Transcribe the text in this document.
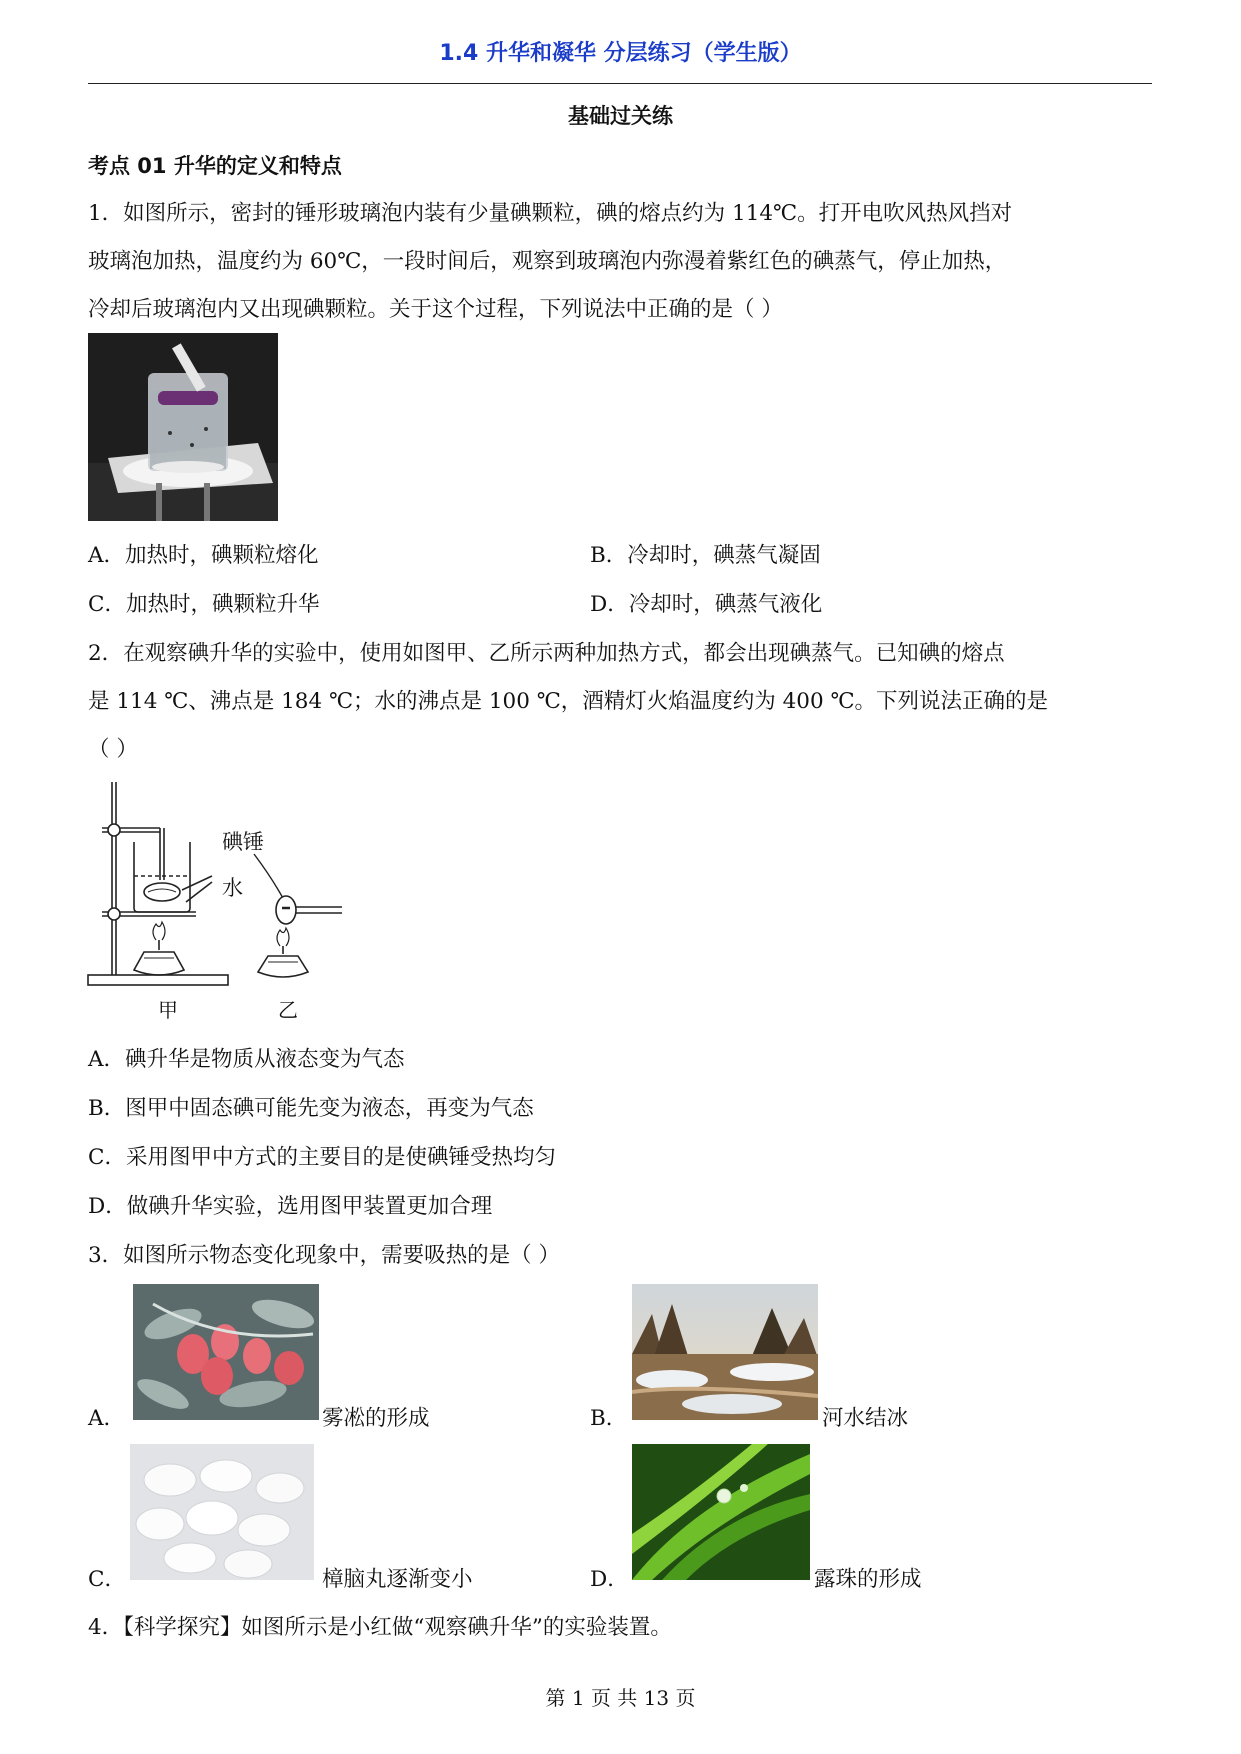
1.4 升华和凝华 分层练习（学生版）
基础过关练
考点 01 升华的定义和特点
1．如图所示，密封的锤形玻璃泡内装有少量碘颗粒，碘的熔点约为 114℃。打开电吹风热风挡对
玻璃泡加热，温度约为 60℃，一段时间后，观察到玻璃泡内弥漫着紫红色的碘蒸气，停止加热，
冷却后玻璃泡内又出现碘颗粒。关于这个过程，下列说法中正确的是（ ）
A．加热时，碘颗粒熔化	B．冷却时，碘蒸气凝固
C．加热时，碘颗粒升华	D．冷却时，碘蒸气液化
2．在观察碘升华的实验中，使用如图甲、乙所示两种加热方式，都会出现碘蒸气。已知碘的熔点
是 114 ℃、沸点是 184 ℃；水的沸点是 100 ℃，酒精灯火焰温度约为 400 ℃。下列说法正确的是
（ ）
碘锤
水
甲	乙
A．碘升华是物质从液态变为气态
B．图甲中固态碘可能先变为液态，再变为气态
C．采用图甲中方式的主要目的是使碘锤受热均匀
D．做碘升华实验，选用图甲装置更加合理
3．如图所示物态变化现象中，需要吸热的是（ ）
A．	雾凇的形成	B．	河水结冰
C．	樟脑丸逐渐变小	D．	露珠的形成
4．【科学探究】如图所示是小红做“观察碘升华”的实验装置。
第 1 页 共 13 页
